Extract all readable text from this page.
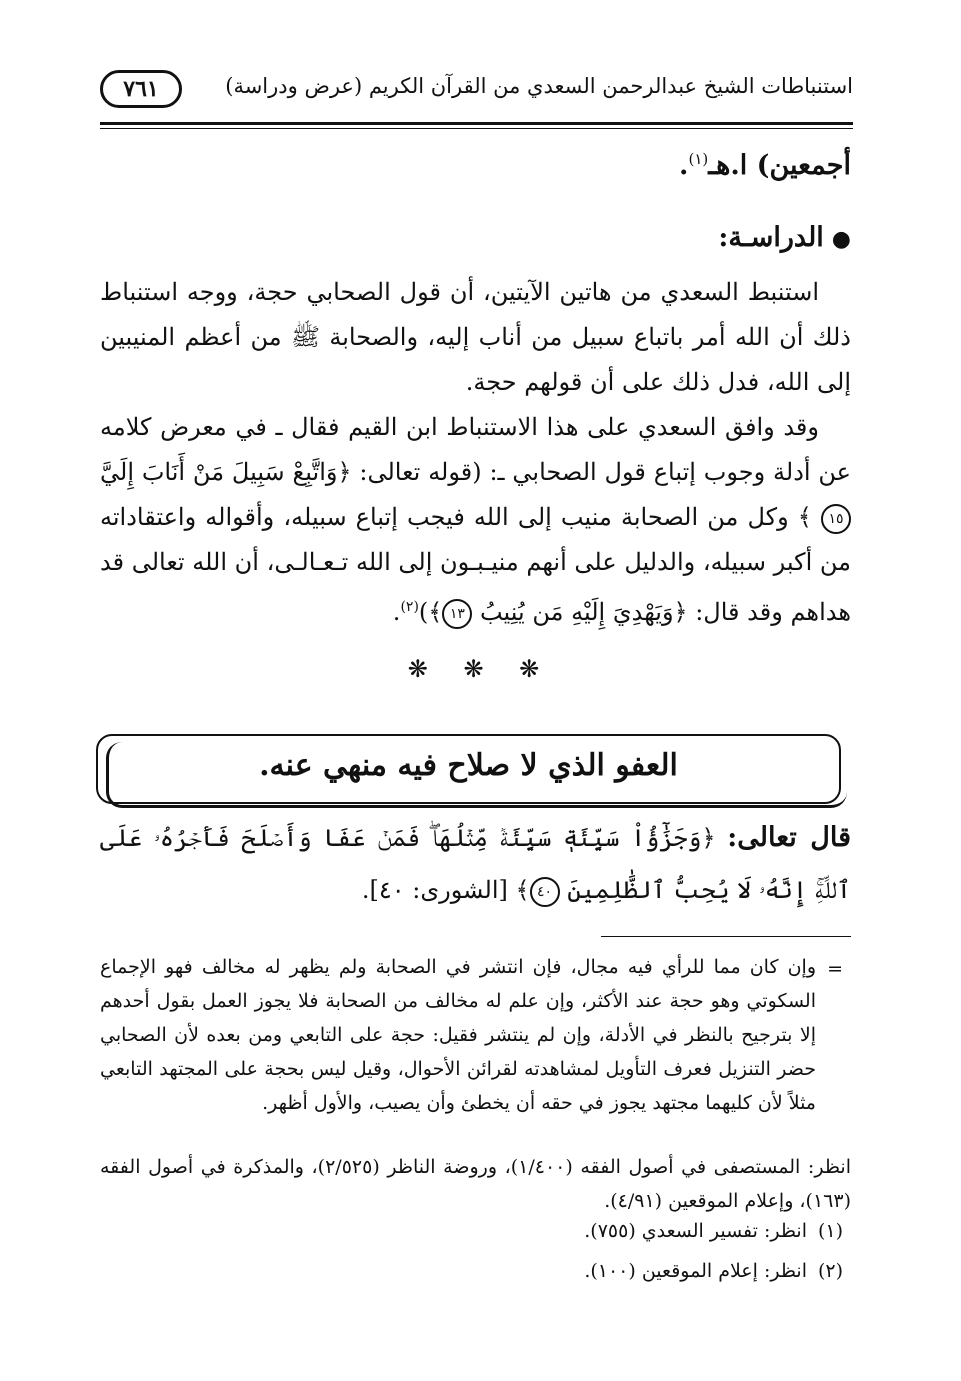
استنباطات الشيخ عبدالرحمن السعدي من القرآن الكريم (عرض ودراسة)
٧٦١
أجمعين) ا.هـ$^{(١)}$.
●الدراسـة:
استنبط السعدي من هاتين الآيتين، أن قول الصحابي حجة، ووجه استنباط ذلك أن الله أمر باتباع سبيل من أناب إليه، والصحابة ﷺ من أعظم المنيبين إلى الله، فدل ذلك على أن قولهم حجة.
وقد وافق السعدي على هذا الاستنباط ابن القيم فقال ـ في معرض كلامه عن أدلة وجوب إتباع قول الصحابي ـ: (قوله تعالى: ﴿وَاتَّبِعْ سَبِيلَ مَنْ أَنَابَ إِلَيَّ ١٥ ﴾ وكل من الصحابة منيب إلى الله فيجب إتباع سبيله، وأقواله واعتقاداته من أكبر سبيله، والدليل على أنهم منيـبـون إلى الله تـعـالـى، أن الله تعالى قد هداهم وقد قال: ﴿وَيَهْدِيَ إِلَيْهِ مَن يُنِيبُ ١٣﴾)$^{(٢)}$.
❋ ❋ ❋
العفو الذي لا صلاح فيه منهي عنه.
قال تعالى: ﴿وَجَزَٰٓؤُاْ سَيِّئَةٖ سَيِّئَةٞ مِّثۡلُهَاۖ فَمَنۡ عَفَا وَأَصۡلَحَ فَأَجۡرُهُۥ عَلَى ٱللَّهِۚ إِنَّهُۥ لَا يُحِبُّ ٱلظَّٰلِمِينَ ٤٠﴾ [الشورى: ٤٠].
=
وإن كان مما للرأي فيه مجال، فإن انتشر في الصحابة ولم يظهر له مخالف فهو الإجماع السكوتي وهو حجة عند الأكثر، وإن علم له مخالف من الصحابة فلا يجوز العمل بقول أحدهم إلا بترجيح بالنظر في الأدلة، وإن لم ينتشر فقيل: حجة على التابعي ومن بعده لأن الصحابي حضر التنزيل فعرف التأويل لمشاهدته لقرائن الأحوال، وقيل ليس بحجة على المجتهد التابعي مثلاً لأن كليهما مجتهد يجوز في حقه أن يخطئ وأن يصيب، والأول أظهر.
انظر: المستصفى في أصول الفقه (١/٤٠٠)، وروضة الناظر (٢/٥٢٥)، والمذكرة في أصول الفقه (١٦٣)، وإعلام الموقعين (٤/٩١).
(١)انظر: تفسير السعدي (٧٥٥).
(٢)انظر: إعلام الموقعين (١٠٠).
